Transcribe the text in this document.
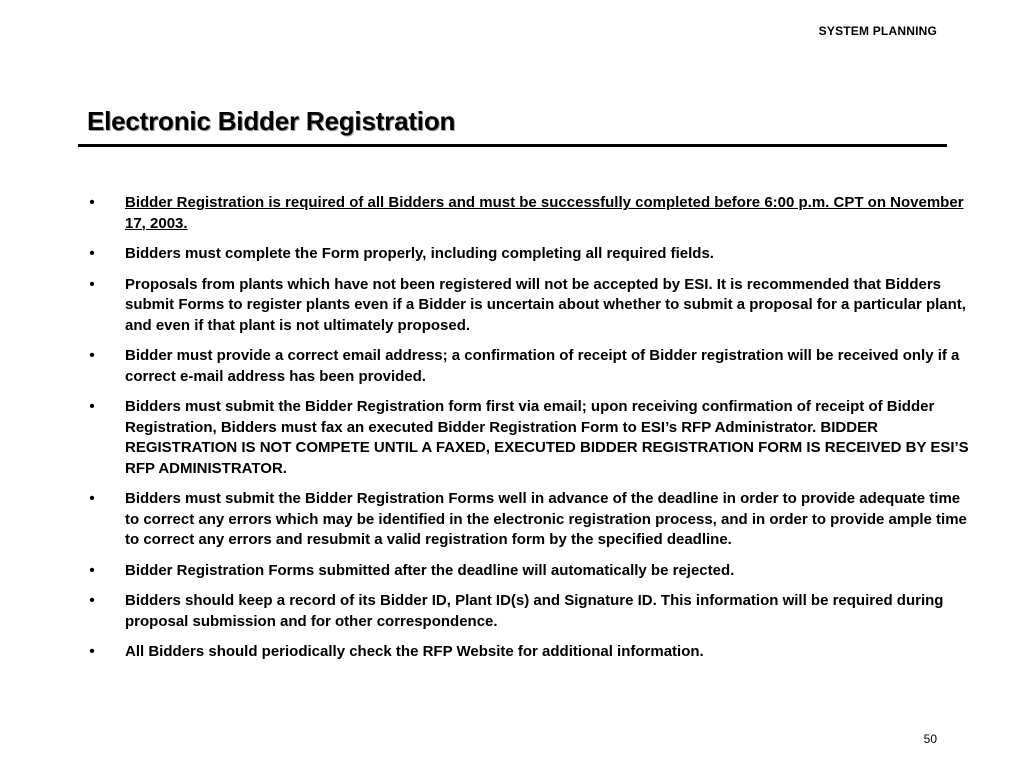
SYSTEM PLANNING
Electronic Bidder Registration
• Bidder Registration is required of all Bidders and must be successfully completed before 6:00 p.m. CPT on November 17, 2003.
• Bidders must complete the Form properly, including completing all required fields.
• Proposals from plants which have not been registered will not be accepted by ESI. It is recommended that Bidders submit Forms to register plants even if a Bidder is uncertain about whether to submit a proposal for a particular plant, and even if that plant is not ultimately proposed.
• Bidder must provide a correct email address; a confirmation of receipt of Bidder registration will be received only if a correct e-mail address has been provided.
• Bidders must submit the Bidder Registration form first via email; upon receiving confirmation of receipt of Bidder Registration, Bidders must fax an executed Bidder Registration Form to ESI’s RFP Administrator. BIDDER REGISTRATION IS NOT COMPETE UNTIL A FAXED, EXECUTED BIDDER REGISTRATION FORM IS RECEIVED BY ESI’S RFP ADMINISTRATOR.
• Bidders must submit the Bidder Registration Forms well in advance of the deadline in order to provide adequate time to correct any errors which may be identified in the electronic registration process, and in order to provide ample time to correct any errors and resubmit a valid registration form by the specified deadline.
• Bidder Registration Forms submitted after the deadline will automatically be rejected.
• Bidders should keep a record of its Bidder ID, Plant ID(s) and Signature ID. This information will be required during proposal submission and for other correspondence.
• All Bidders should periodically check the RFP Website for additional information.
50
